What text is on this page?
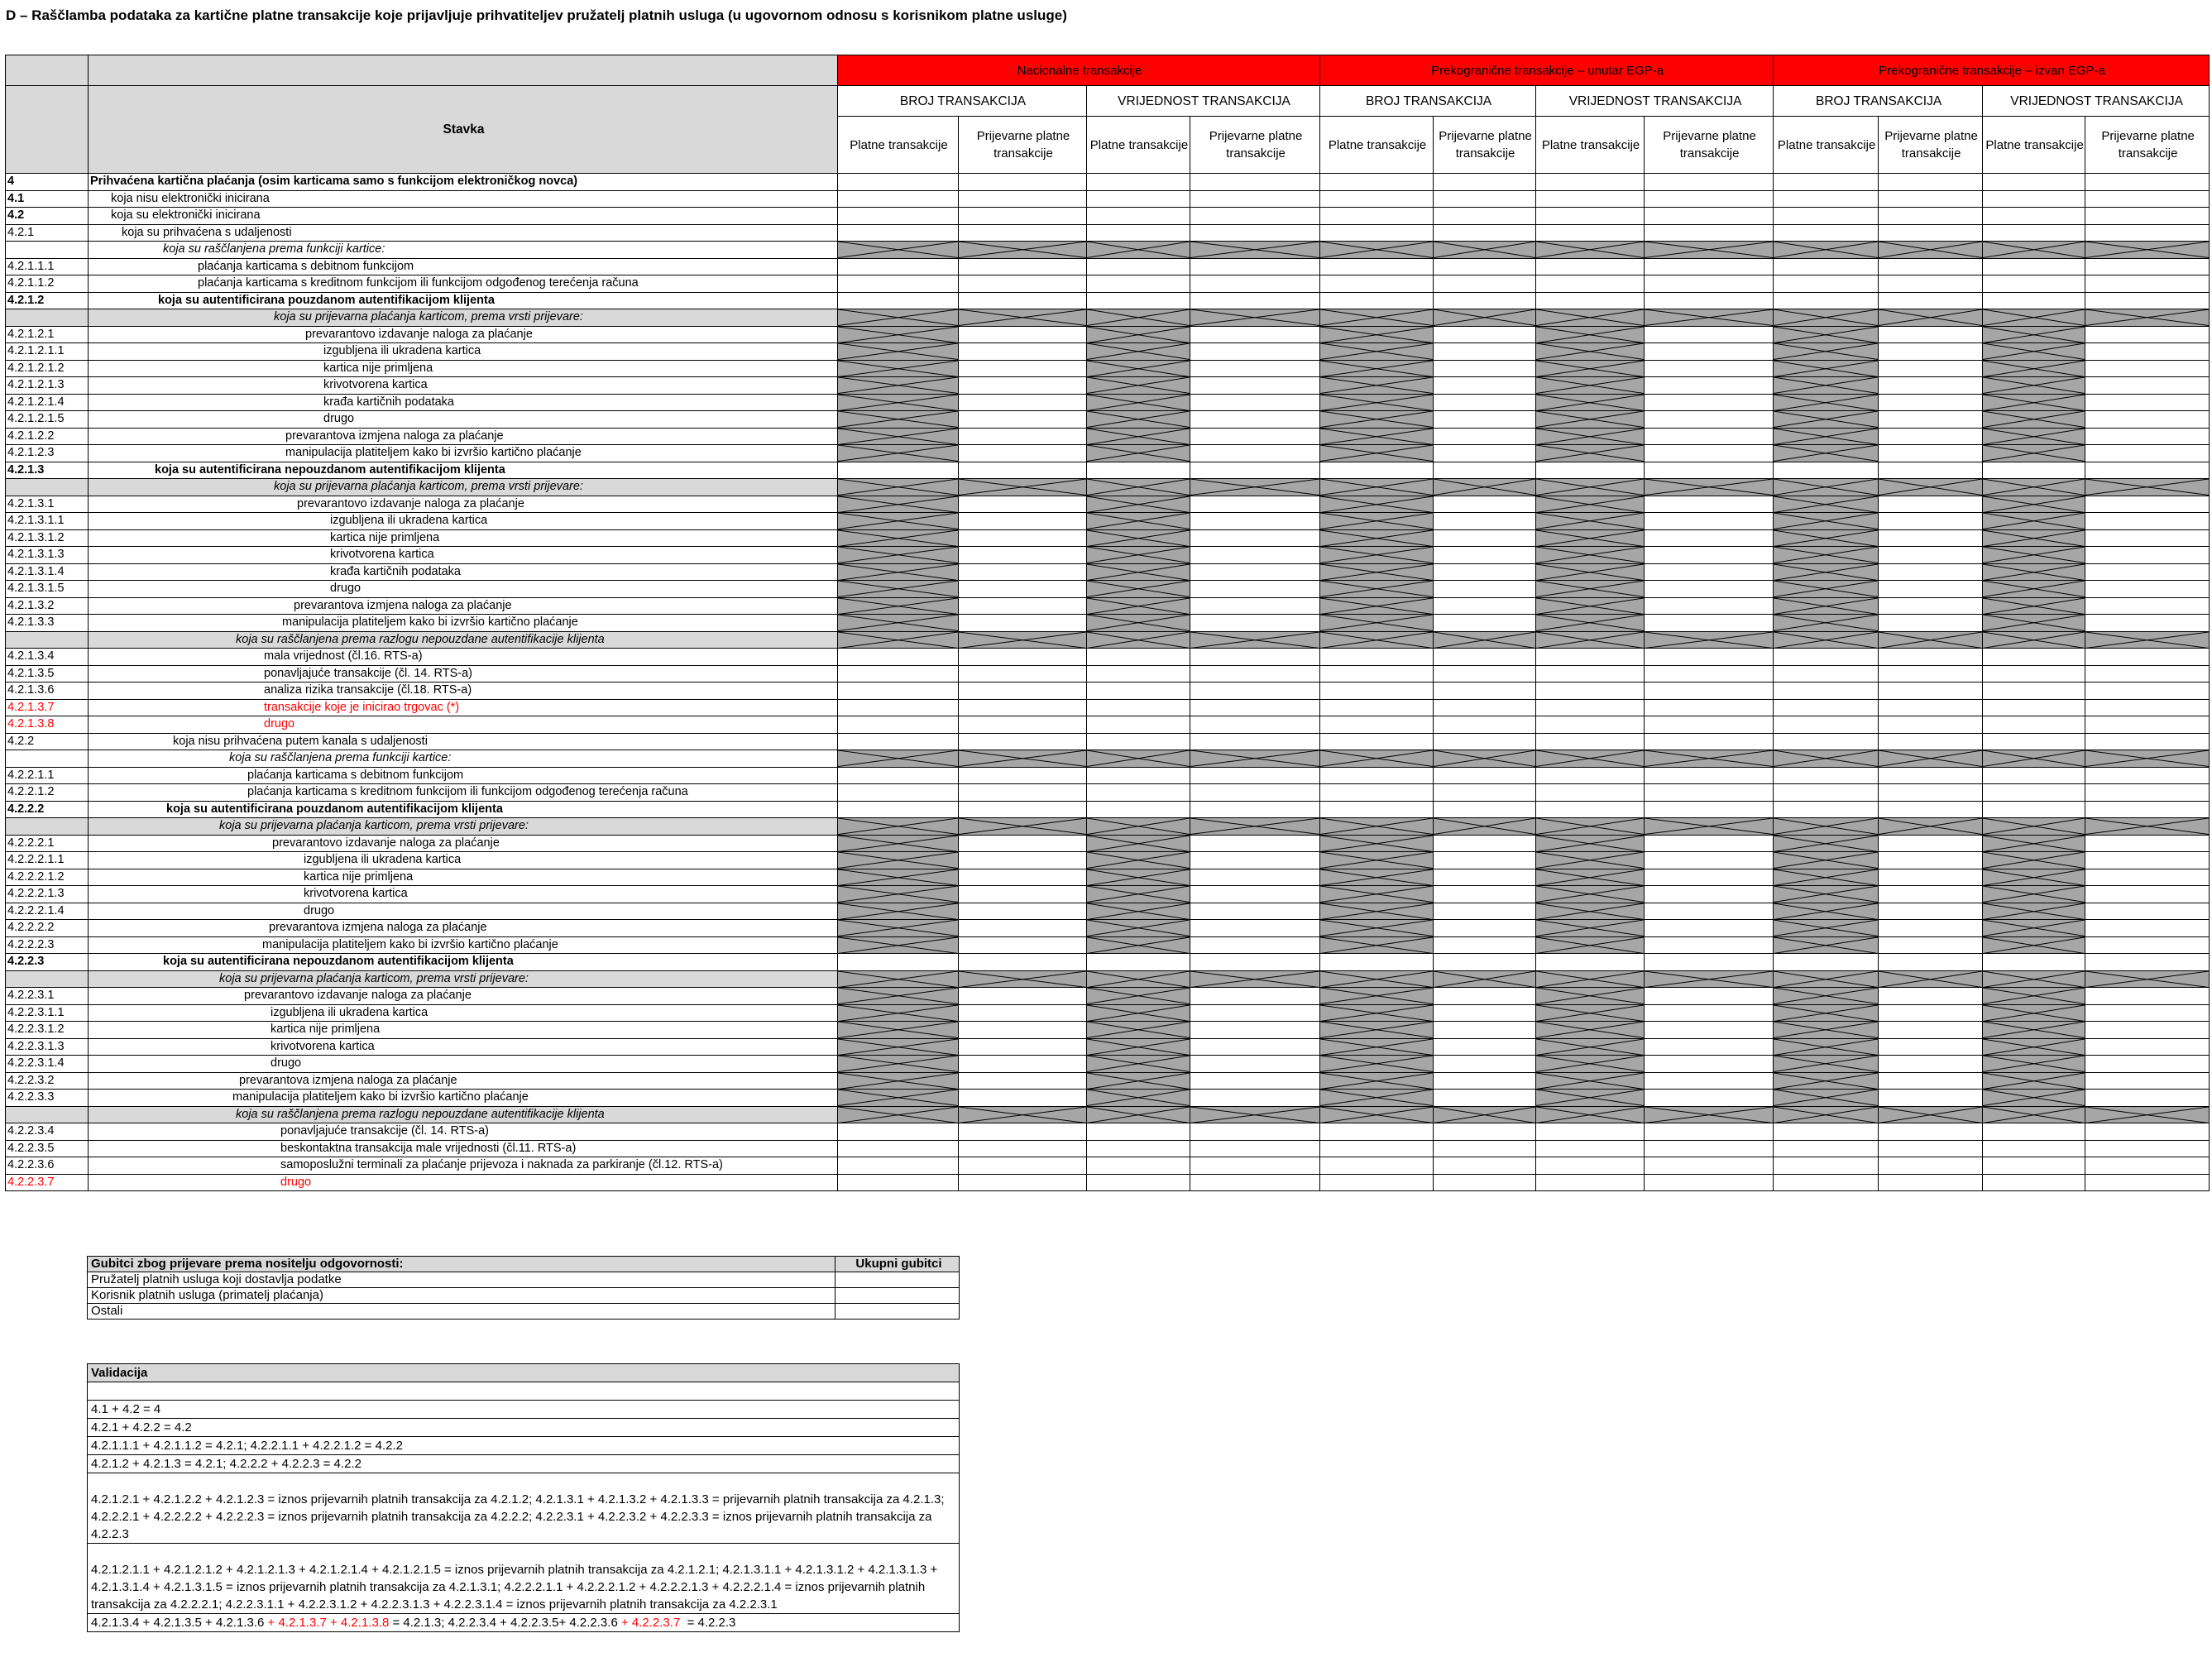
D – Raščlamba podataka za kartične platne transakcije koje prijavljuje prihvatiteljev pružatelj platnih usluga (u ugovornom odnosu s korisnikom platne usluge)
		Nacionalne transakcije				Prekogranične transakcije – unutar EGP-a				Prekogranične transakcije – izvan EGP-a			
	Stavka	BROJ TRANSAKCIJA		VRIJEDNOST TRANSAKCIJA		BROJ TRANSAKCIJA		VRIJEDNOST TRANSAKCIJA		BROJ TRANSAKCIJA		VRIJEDNOST TRANSAKCIJA	
		Platne transakcije	Prijevarne platne transakcije	Platne transakcije	Prijevarne platne transakcije	Platne transakcije	Prijevarne platne transakcije	Platne transakcije	Prijevarne platne transakcije	Platne transakcije	Prijevarne platne transakcije	Platne transakcije	Prijevarne platne transakcije
4	Prihvaćena kartična plaćanja (osim karticama samo s funkcijom elektroničkog novca)												
4.1	koja nisu elektronički inicirana												
4.2	koja su elektronički inicirana												
4.2.1	koja su prihvaćena s udaljenosti												
	koja su raščlanjena prema funkciji kartice:	

4.2.1.1.1	plaćanja karticama s debitnom funkcijom												
4.2.1.1.2	plaćanja karticama s kreditnom funkcijom ili funkcijom odgođenog terećenja računa												
4.2.1.2	koja su autentificirana pouzdanom autentifikacijom klijenta												
	koja su prijevarna plaćanja karticom, prema vrsti prijevare:	

4.2.1.2.1	prevarantovo izdavanje naloga za plaćanje	

4.2.1.2.1.1	izgubljena ili ukradena kartica	

4.2.1.2.1.2	kartica nije primljena	

4.2.1.2.1.3	krivotvorena kartica	

4.2.1.2.1.4	krađa kartičnih podataka	

4.2.1.2.1.5	drugo	

4.2.1.2.2	prevarantova izmjena naloga za plaćanje	

4.2.1.2.3	manipulacija platiteljem kako bi izvršio kartično plaćanje	

4.2.1.3	koja su autentificirana nepouzdanom autentifikacijom klijenta												
	koja su prijevarna plaćanja karticom, prema vrsti prijevare:	

4.2.1.3.1	prevarantovo izdavanje naloga za plaćanje	

4.2.1.3.1.1	izgubljena ili ukradena kartica	

4.2.1.3.1.2	kartica nije primljena	

4.2.1.3.1.3	krivotvorena kartica	

4.2.1.3.1.4	krađa kartičnih podataka	

4.2.1.3.1.5	drugo	

4.2.1.3.2	prevarantova izmjena naloga za plaćanje	

4.2.1.3.3	manipulacija platiteljem kako bi izvršio kartično plaćanje	

	koja su raščlanjena prema razlogu nepouzdane autentifikacije klijenta	

4.2.1.3.4	mala vrijednost (čl.16. RTS-a)												
4.2.1.3.5	ponavljajuće transakcije (čl. 14. RTS-a)												
4.2.1.3.6	analiza rizika transakcije (čl.18. RTS-a)												
4.2.1.3.7	transakcije koje je inicirao trgovac (*)												
4.2.1.3.8	drugo												
4.2.2	koja nisu prihvaćena putem kanala s udaljenosti												
	koja su raščlanjena prema funkciji kartice:	

4.2.2.1.1	plaćanja karticama s debitnom funkcijom												
4.2.2.1.2	plaćanja karticama s kreditnom funkcijom ili funkcijom odgođenog terećenja računa												
4.2.2.2	koja su autentificirana pouzdanom autentifikacijom klijenta												
	koja su prijevarna plaćanja karticom, prema vrsti prijevare:	

4.2.2.2.1	prevarantovo izdavanje naloga za plaćanje	

4.2.2.2.1.1	izgubljena ili ukradena kartica	

4.2.2.2.1.2	kartica nije primljena	

4.2.2.2.1.3	krivotvorena kartica	

4.2.2.2.1.4	drugo	

4.2.2.2.2	prevarantova izmjena naloga za plaćanje	

4.2.2.2.3	manipulacija platiteljem kako bi izvršio kartično plaćanje	

4.2.2.3	koja su autentificirana nepouzdanom autentifikacijom klijenta												
	koja su prijevarna plaćanja karticom, prema vrsti prijevare:	

4.2.2.3.1	prevarantovo izdavanje naloga za plaćanje	

4.2.2.3.1.1	izgubljena ili ukradena kartica	

4.2.2.3.1.2	kartica nije primljena	

4.2.2.3.1.3	krivotvorena kartica	

4.2.2.3.1.4	drugo	

4.2.2.3.2	prevarantova izmjena naloga za plaćanje	

4.2.2.3.3	manipulacija platiteljem kako bi izvršio kartično plaćanje	

	koja su raščlanjena prema razlogu nepouzdane autentifikacije klijenta	

4.2.2.3.4	ponavljajuće transakcije (čl. 14. RTS-a)												
4.2.2.3.5	beskontaktna transakcija male vrijednosti (čl.11. RTS-a)												
4.2.2.3.6	samoposlužni terminali za plaćanje prijevoza i naknada za parkiranje (čl.12. RTS-a)												
4.2.2.3.7	drugo												
Gubitci zbog prijevare prema nositelju odgovornosti:	Ukupni gubitci
Pružatelj platnih usluga koji dostavlja podatke	
Korisnik platnih usluga (primatelj plaćanja)	
Ostali	
Validacija

4.1 + 4.2 = 4
4.2.1 + 4.2.2 = 4.2
4.2.1.1.1 + 4.2.1.1.2 = 4.2.1; 4.2.2.1.1 + 4.2.2.1.2 = 4.2.2
4.2.1.2 + 4.2.1.3 = 4.2.1; 4.2.2.2 + 4.2.2.3 = 4.2.2
4.2.1.2.1 + 4.2.1.2.2 + 4.2.1.2.3 = iznos prijevarnih platnih transakcija za 4.2.1.2; 4.2.1.3.1 + 4.2.1.3.2 + 4.2.1.3.3 = prijevarnih platnih transakcija za 4.2.1.3; 4.2.2.2.1 + 4.2.2.2.2 + 4.2.2.2.3 = iznos prijevarnih platnih transakcija za 4.2.2.2; 4.2.2.3.1 + 4.2.2.3.2 + 4.2.2.3.3 = iznos prijevarnih platnih transakcija za 4.2.2.3
4.2.1.2.1.1 + 4.2.1.2.1.2 + 4.2.1.2.1.3 + 4.2.1.2.1.4 + 4.2.1.2.1.5 = iznos prijevarnih platnih transakcija za 4.2.1.2.1; 4.2.1.3.1.1 + 4.2.1.3.1.2 + 4.2.1.3.1.3 + 4.2.1.3.1.4 + 4.2.1.3.1.5 = iznos prijevarnih platnih transakcija za 4.2.1.3.1; 4.2.2.2.1.1 + 4.2.2.2.1.2 + 4.2.2.2.1.3 + 4.2.2.2.1.4 = iznos prijevarnih platnih transakcija za 4.2.2.2.1; 4.2.2.3.1.1 + 4.2.2.3.1.2 + 4.2.2.3.1.3 + 4.2.2.3.1.4 = iznos prijevarnih platnih transakcija za 4.2.2.3.1
4.2.1.3.4 + 4.2.1.3.5 + 4.2.1.3.6 + 4.2.1.3.7 + 4.2.1.3.8 = 4.2.1.3; 4.2.2.3.4 + 4.2.2.3.5+ 4.2.2.3.6 + 4.2.2.3.7  = 4.2.2.3
